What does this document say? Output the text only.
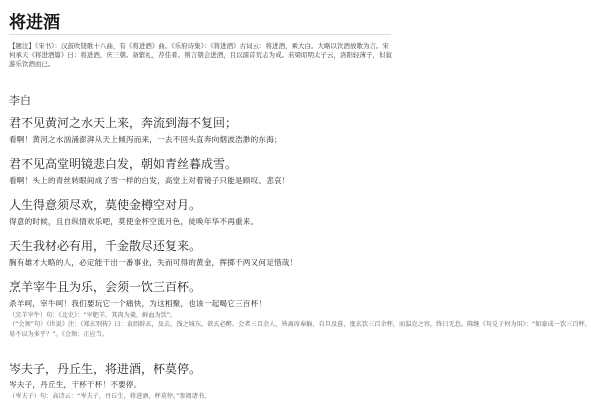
将进酒

【题注】《宋书》：汉鼓吹铙歌十八曲，有《将进酒》曲。《乐府诗集》：《将进酒》古词云：将进酒，乘大白。大略以饮酒放歌为言。宋何承天《将进酒篇》曰：将进酒，庆三朝。备繁礼，荐佳肴。则言朝会进酒，且以濡首荒志为戒。若梁昭明太子云，洛阳轻薄子，但叙游乐饮酒而已。

李白
君不见黄河之水天上来，奔流到海不复回；
看啊！黄河之水汹涌澎湃从天上倾泻而来，一去不回头直奔向烟波浩渺的东海；
君不见高堂明镜悲白发，朝如青丝暮成雪。
看啊！头上的青丝转眼间成了雪一样的白发，高堂上对着镜子只能是顾叹、悲哀！
人生得意须尽欢，莫使金樽空对月。
得意的时候，且自纵情欢乐吧，莫使金杯空流月色，徒唤年华不再重来。
天生我材必有用，千金散尽还复来。
胸有雄才大略的人，必定能干出一番事业，失而可得的黄金，挥掷千两又何足惜哉！
烹羊宰牛且为乐，会须一饮三百杯。
杀羊呵，宰牛呵！我们要玩它一个痛快，为这相聚，也该一起喝它三百杯！

（烹羊宰牛）句：《北史》：“宰肥羊，其肉为羹，鲜血为饮”。

（“会须”句）《世说》注：《郑玄别传》曰：袁绍辟玄，及去，饯之城东，欲玄必醉。会者三百余人，皆离席奉觞，自旦及暮，度玄饮三百余杯，而温克之容，终日无怠。陈继《句兑于何为用》：“如豪成一饮三百杯，

易不以为多乎？”。《会须：正应当。

岑夫子，丹丘生，将进酒，杯莫停。
岑夫子，丹丘生，干杯干杯！不要停。

（岑夫子）句：高诗云：“岑夫子，丹丘生，将进酒，杯莫停。”参阅诸书，
